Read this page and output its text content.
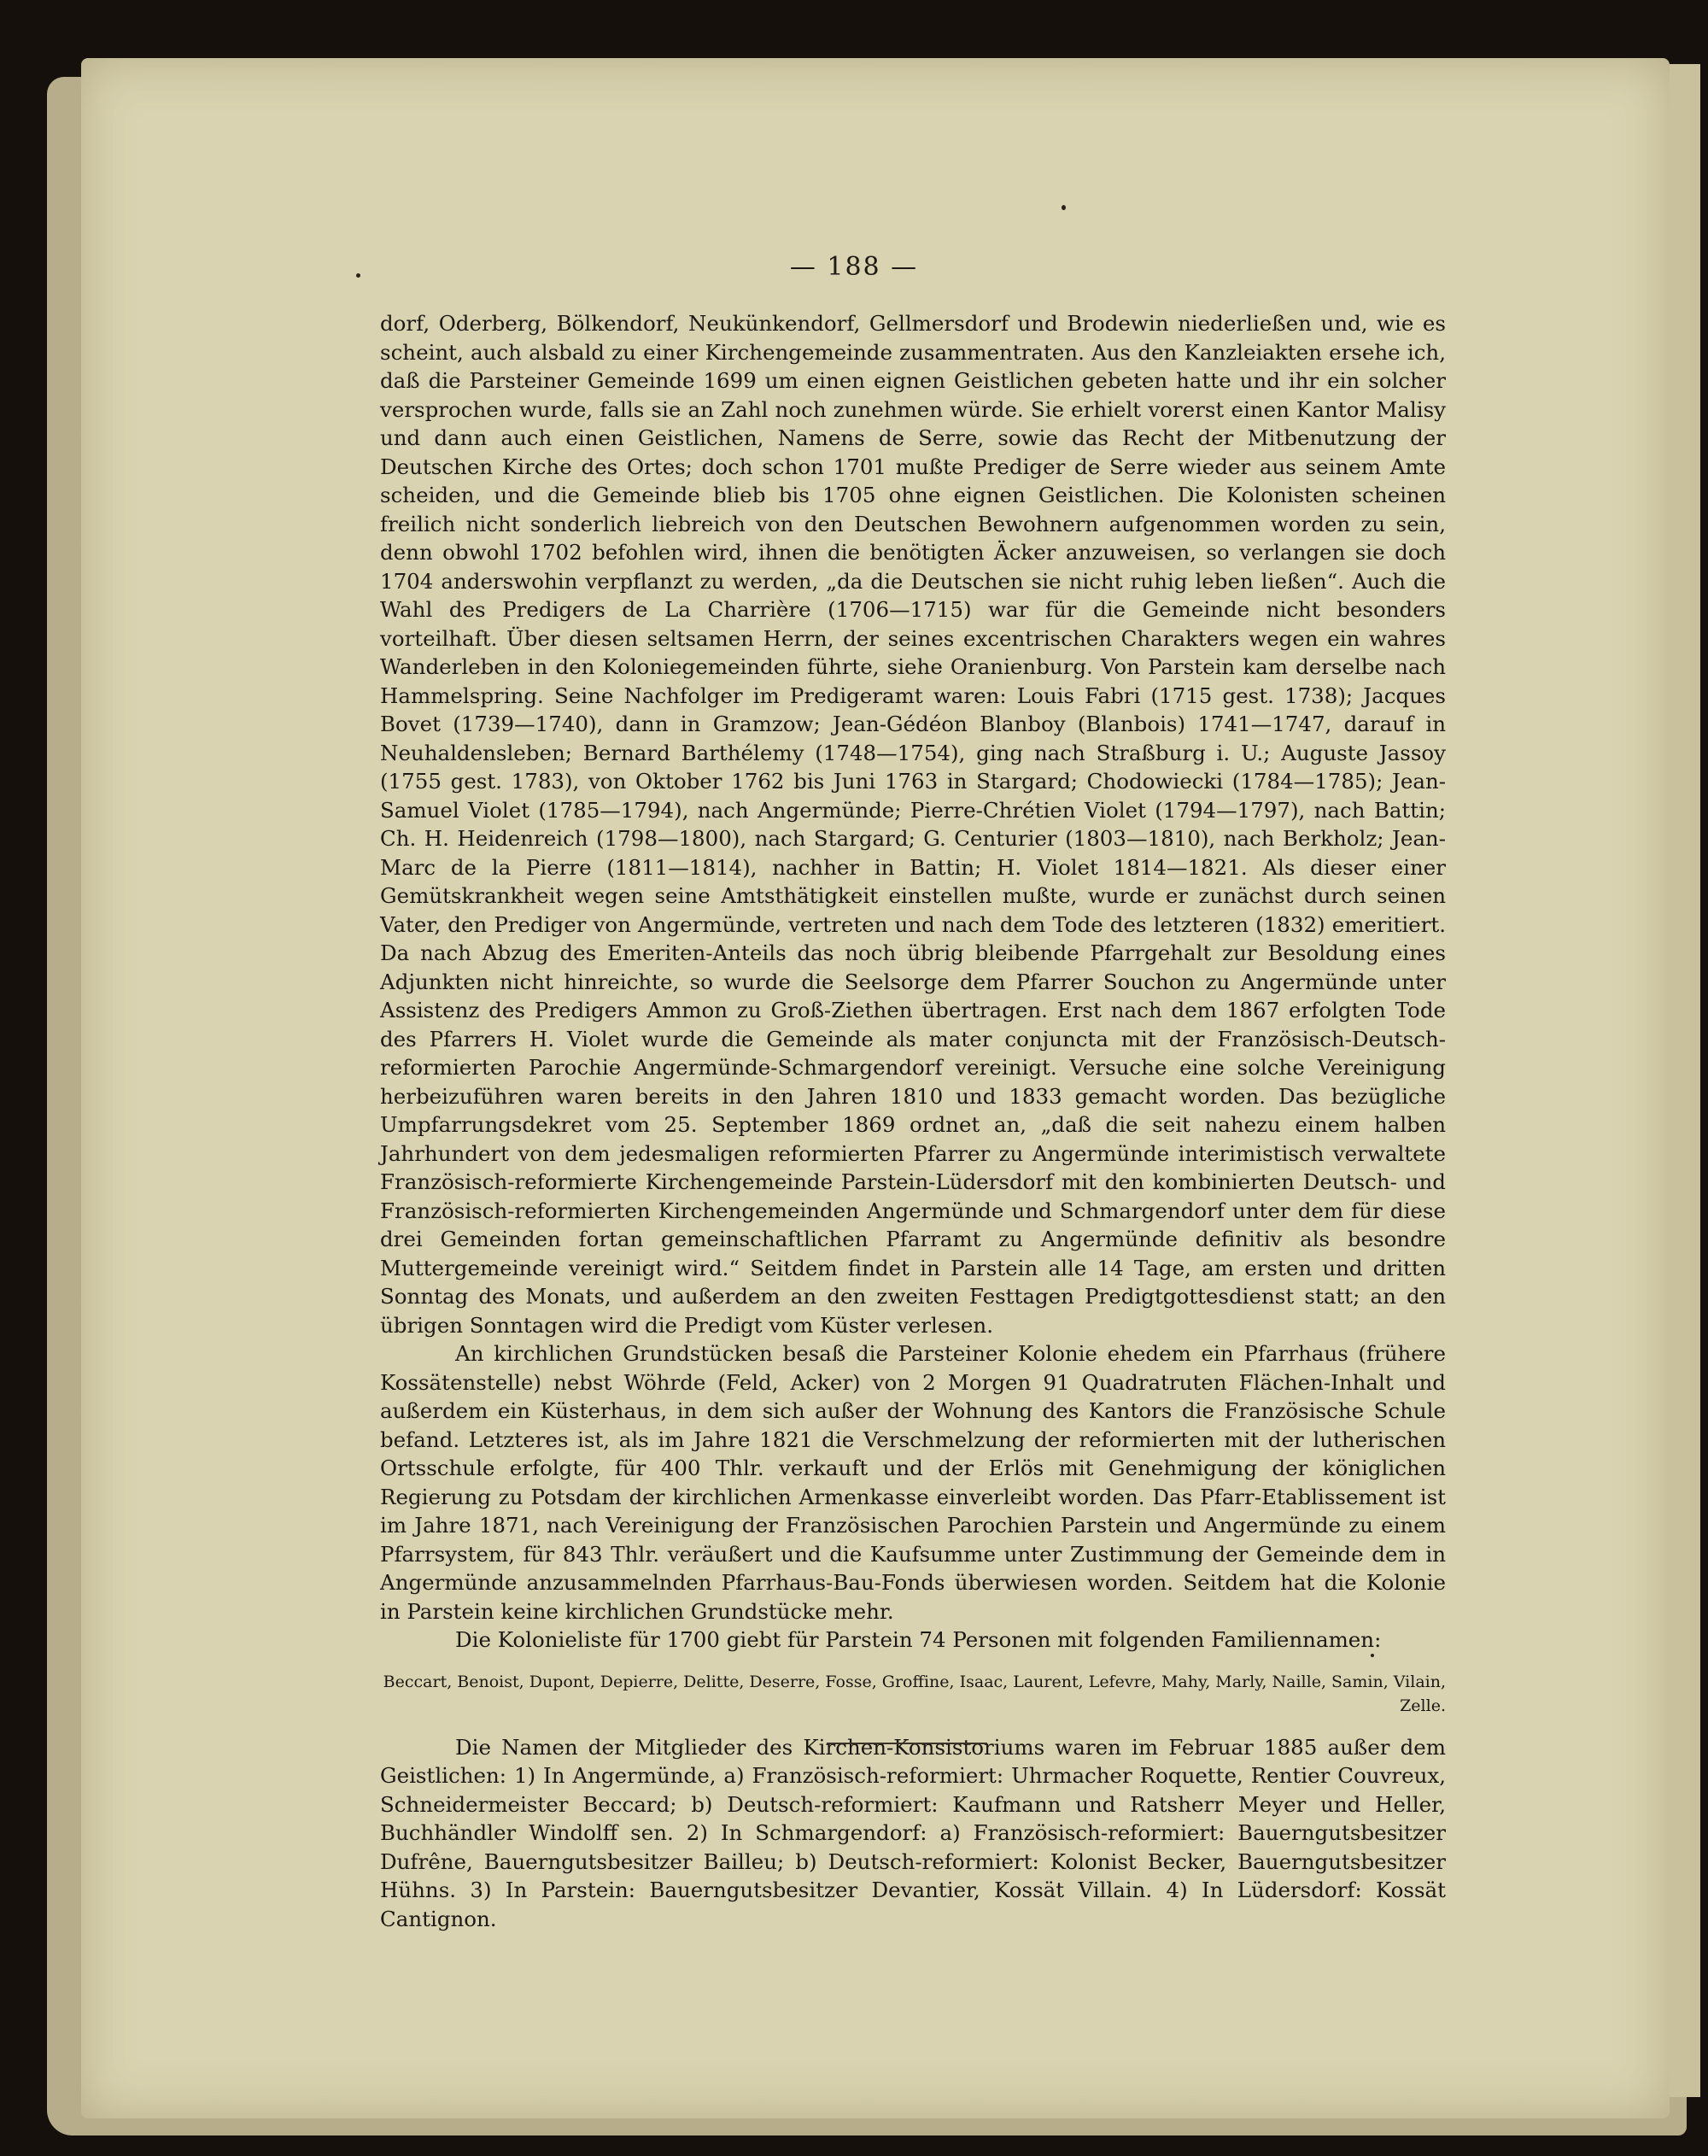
— 188 —

dorf, Oderberg, Bölkendorf, Neukünkendorf, Gellmersdorf und Brodewin niederließen und, wie es scheint, auch alsbald zu einer Kirchengemeinde zusammentraten. Aus den Kanzleiakten ersehe ich, daß die Parsteiner Gemeinde 1699 um einen eignen Geistlichen gebeten hatte und ihr ein solcher versprochen wurde, falls sie an Zahl noch zunehmen würde. Sie erhielt vorerst einen Kantor Malisy und dann auch einen Geistlichen, Namens de Serre, sowie das Recht der Mitbenutzung der Deutschen Kirche des Ortes; doch schon 1701 mußte Prediger de Serre wieder aus seinem Amte scheiden, und die Gemeinde blieb bis 1705 ohne eignen Geistlichen. Die Kolonisten scheinen freilich nicht sonderlich liebreich von den Deutschen Bewohnern aufgenommen worden zu sein, denn obwohl 1702 befohlen wird, ihnen die benötigten Äcker anzuweisen, so verlangen sie doch 1704 anderswohin verpflanzt zu werden, „da die Deutschen sie nicht ruhig leben ließen“. Auch die Wahl des Predigers de La Charrière (1706—1715) war für die Gemeinde nicht besonders vorteilhaft. Über diesen seltsamen Herrn, der seines excentrischen Charakters wegen ein wahres Wanderleben in den Koloniegemeinden führte, siehe Oranienburg. Von Parstein kam derselbe nach Hammelspring. Seine Nachfolger im Predigeramt waren: Louis Fabri (1715 gest. 1738); Jacques Bovet (1739—1740), dann in Gramzow; Jean-Gédéon Blanboy (Blanbois) 1741—1747, darauf in Neuhaldensleben; Bernard Barthélemy (1748—1754), ging nach Straßburg i. U.; Auguste Jassoy (1755 gest. 1783), von Oktober 1762 bis Juni 1763 in Stargard; Chodowiecki (1784—1785); Jean-Samuel Violet (1785—1794), nach Angermünde; Pierre-Chrétien Violet (1794—1797), nach Battin; Ch. H. Heidenreich (1798—1800), nach Stargard; G. Centurier (1803—1810), nach Berkholz; Jean-Marc de la Pierre (1811—1814), nachher in Battin; H. Violet 1814—1821. Als dieser einer Gemütskrankheit wegen seine Amtsthätigkeit einstellen mußte, wurde er zunächst durch seinen Vater, den Prediger von Angermünde, vertreten und nach dem Tode des letzteren (1832) emeritiert. Da nach Abzug des Emeriten-Anteils das noch übrig bleibende Pfarrgehalt zur Besoldung eines Adjunkten nicht hinreichte, so wurde die Seelsorge dem Pfarrer Souchon zu Angermünde unter Assistenz des Predigers Ammon zu Groß-Ziethen übertragen. Erst nach dem 1867 erfolgten Tode des Pfarrers H. Violet wurde die Gemeinde als mater conjuncta mit der Französisch-Deutsch-reformierten Parochie Angermünde-Schmargendorf vereinigt. Versuche eine solche Vereinigung herbeizuführen waren bereits in den Jahren 1810 und 1833 gemacht worden. Das bezügliche Umpfarrungsdekret vom 25. September 1869 ordnet an, „daß die seit nahezu einem halben Jahrhundert von dem jedesmaligen reformierten Pfarrer zu Angermünde interimistisch verwaltete Französisch-reformierte Kirchengemeinde Parstein-Lüdersdorf mit den kombinierten Deutsch- und Französisch-reformierten Kirchengemeinden Angermünde und Schmargendorf unter dem für diese drei Gemeinden fortan gemeinschaftlichen Pfarramt zu Angermünde definitiv als besondre Muttergemeinde vereinigt wird.“ Seitdem findet in Parstein alle 14 Tage, am ersten und dritten Sonntag des Monats, und außerdem an den zweiten Festtagen Predigtgottesdienst statt; an den übrigen Sonntagen wird die Predigt vom Küster verlesen.

An kirchlichen Grundstücken besaß die Parsteiner Kolonie ehedem ein Pfarrhaus (frühere Kossätenstelle) nebst Wöhrde (Feld, Acker) von 2 Morgen 91 Quadratruten Flächen-Inhalt und außerdem ein Küsterhaus, in dem sich außer der Wohnung des Kantors die Französische Schule befand. Letzteres ist, als im Jahre 1821 die Verschmelzung der reformierten mit der lutherischen Ortsschule erfolgte, für 400 Thlr. verkauft und der Erlös mit Genehmigung der königlichen Regierung zu Potsdam der kirchlichen Armenkasse einverleibt worden. Das Pfarr-Etablissement ist im Jahre 1871, nach Vereinigung der Französischen Parochien Parstein und Angermünde zu einem Pfarrsystem, für 843 Thlr. veräußert und die Kaufsumme unter Zustimmung der Gemeinde dem in Angermünde anzusammelnden Pfarrhaus-Bau-Fonds überwiesen worden. Seitdem hat die Kolonie in Parstein keine kirchlichen Grundstücke mehr.

Die Kolonieliste für 1700 giebt für Parstein 74 Personen mit folgenden Familiennamen:

Beccart, Benoist, Dupont, Depierre, Delitte, Deserre, Fosse, Groffine, Isaac, Laurent, Lefevre, Mahy, Marly, Naille, Samin, Vilain, Zelle.

Die Namen der Mitglieder des Kirchen-Konsistoriums waren im Februar 1885 außer dem Geistlichen: 1) In Angermünde, a) Französisch-reformiert: Uhrmacher Roquette, Rentier Couvreux, Schneidermeister Beccard; b) Deutsch-reformiert: Kaufmann und Ratsherr Meyer und Heller, Buchhändler Windolff sen. 2) In Schmargendorf: a) Französisch-reformiert: Bauerngutsbesitzer Dufrêne, Bauerngutsbesitzer Bailleu; b) Deutsch-reformiert: Kolonist Becker, Bauerngutsbesitzer Hühns. 3) In Parstein: Bauerngutsbesitzer Devantier, Kossät Villain. 4) In Lüdersdorf: Kossät Cantignon.
